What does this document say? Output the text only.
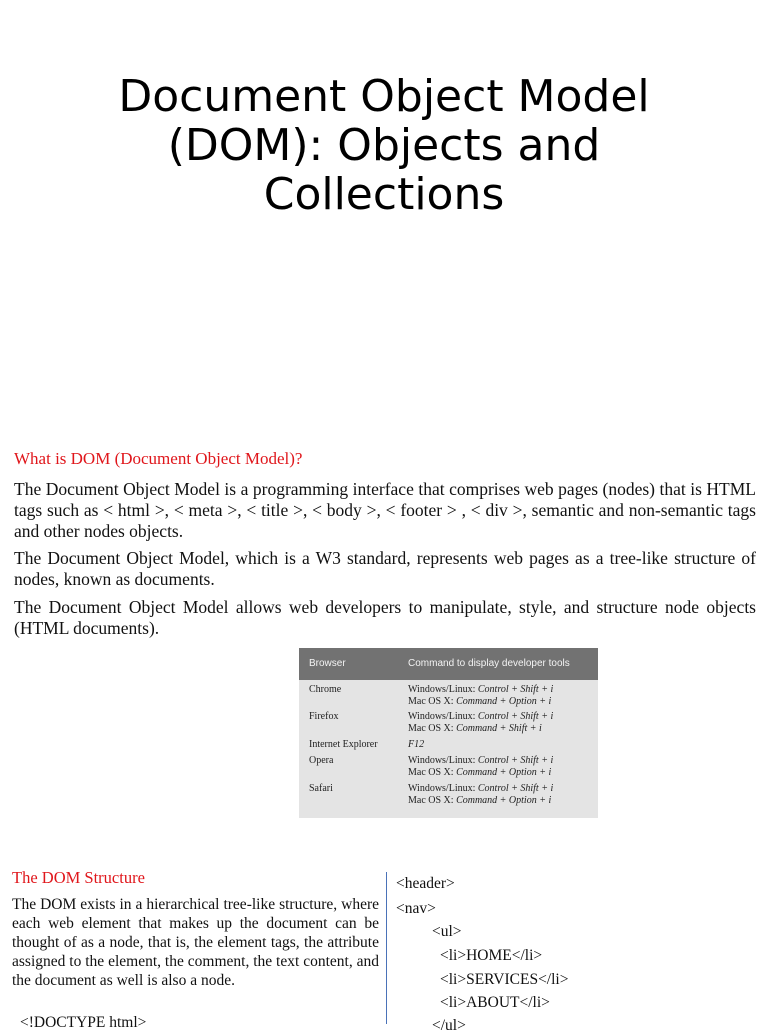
Document Object Model
(DOM): Objects and
Collections
What is DOM (Document Object Model)?
The Document Object Model is a programming interface that comprises web pages (nodes) that is HTML tags such as < html >, < meta >, < title >, < body >, < footer > , < div >, semantic and non-semantic tags and other nodes objects.
The Document Object Model, which is a W3 standard, represents web pages as a tree-like structure of nodes, known as documents.
The Document Object Model allows web developers to manipulate, style, and structure node objects (HTML documents).
Browser	Command to display developer tools
Chrome	Windows/Linux: Control + Shift + i
Mac OS X: Command + Option + i
Firefox	Windows/Linux: Control + Shift + i
Mac OS X: Command + Shift + i
Internet Explorer	F12
Opera	Windows/Linux: Control + Shift + i
Mac OS X: Command + Option + i
Safari	Windows/Linux: Control + Shift + i
Mac OS X: Command + Option + i
The DOM Structure
The DOM exists in a hierarchical tree-like structure, where each web element that makes up the document can be thought of as a node, that is, the element tags, the attribute assigned to the element, the comment, the text content, and the document as well is also a node.
<!DOCTYPE html>
<header>
<nav>
<ul>
<li>HOME</li>
<li>SERVICES</li>
<li>ABOUT</li>
</ul>
